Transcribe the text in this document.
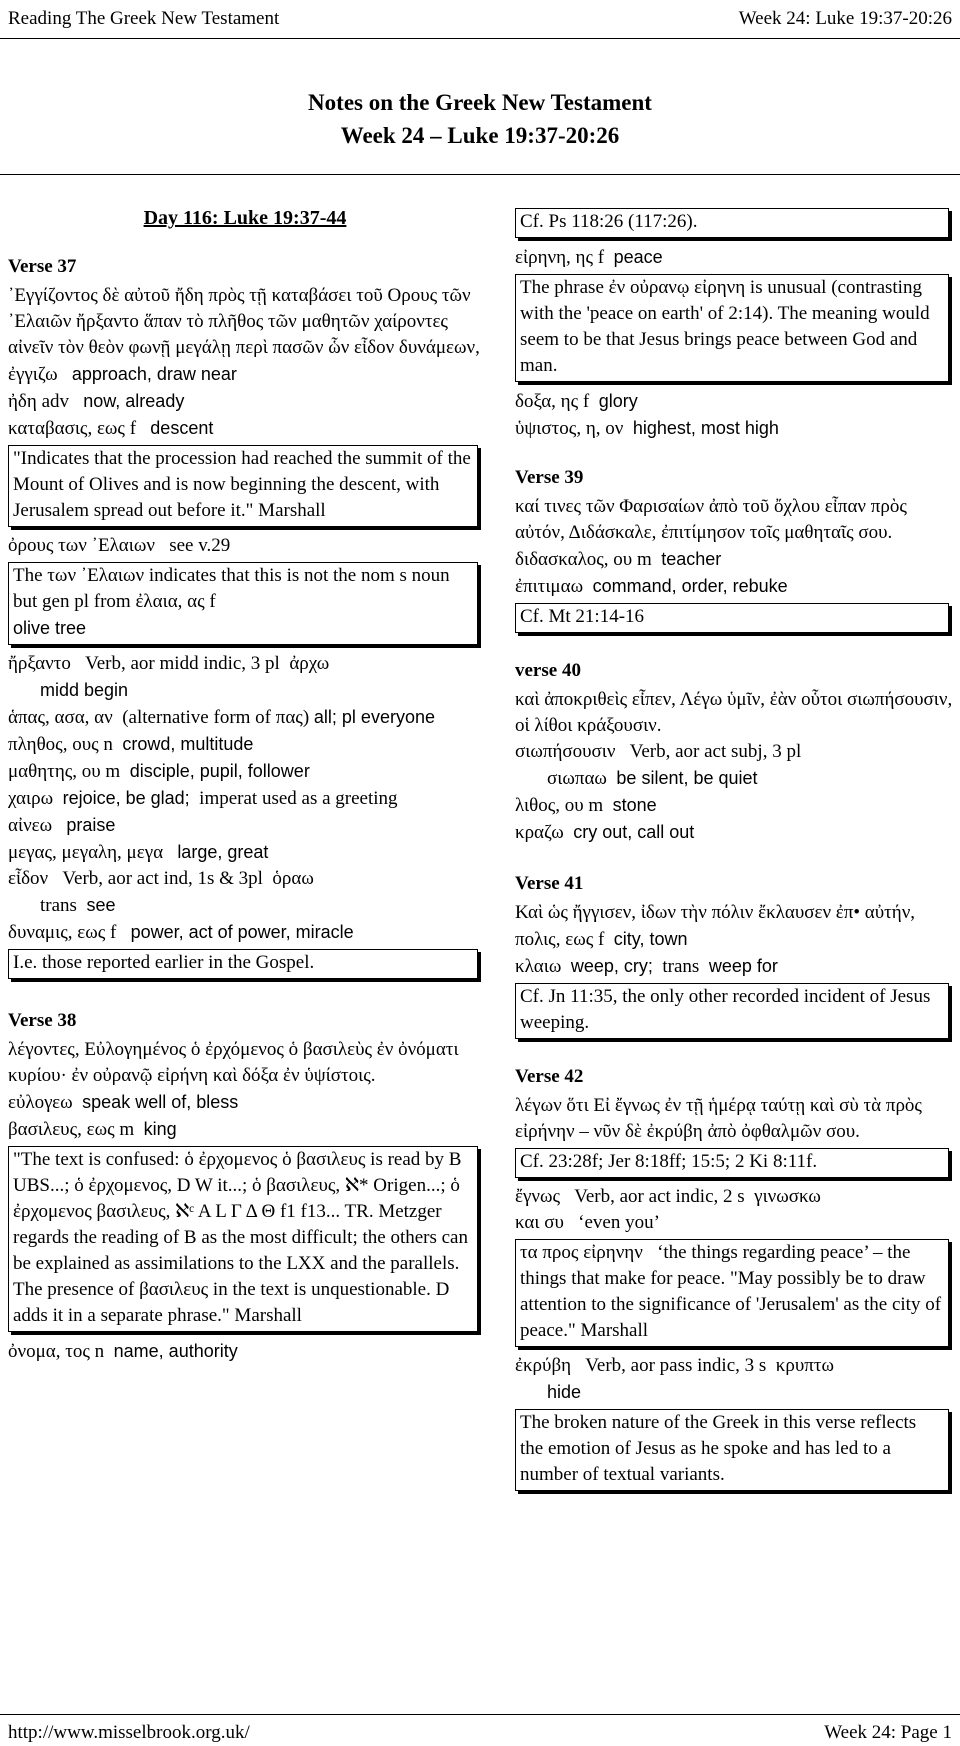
Reading The Greek New Testament	Week 24: Luke 19:37-20:26
Notes on the Greek New Testament
Week 24 – Luke 19:37-20:26
Day 116: Luke 19:37-44
Verse 37

᾿Εγγίζοντος δὲ αὐτοῦ ἤδη πρὸς τῇ καταβάσει τοῦ Ορους τῶν ᾿Ελαιῶν ἤρξαντο ἅπαν τὸ πλῆθος τῶν μαθητῶν χαίροντες αἰνεῖν τὸν θεὸν φωνῇ μεγάλῃ περὶ πασῶν ὧν εἶδον δυνάμεων,

ἐγγιζω approach, draw near
ἠδη adv now, already
καταβασις, εως f descent
"Indicates that the procession had reached the summit of the Mount of Olives and is now beginning the descent, with Jerusalem spread out before it." Marshall
ὀρους των ᾿Ελαιων see v.29
The των ᾿Ελαιων indicates that this is not the nom s noun but gen pl from ἐλαια, ας f
olive tree
ἤρξαντο Verb, aor midd indic, 3 pl ἀρχω
midd begin
ἁπας, ασα, αν (alternative form of πας) all; pl everyone
πληθος, ους n crowd, multitude
μαθητης, ου m disciple, pupil, follower
χαιρω rejoice, be glad; imperat used as a greeting
αἰνεω praise
μεγας, μεγαλη, μεγα large, great
εἶδον Verb, aor act ind, 1s & 3pl ὁραω
trans see
δυναμις, εως f power, act of power, miracle
I.e. those reported earlier in the Gospel.
Verse 38

λέγοντες, Εὐλογημένος ὁ ἐρχόμενος ὁ βασιλεὺς ἐν ὀνόματι κυρίου· ἐν οὐρανῷ εἰρήνη καὶ δόξα ἐν ὑψίστοις.

εὐλογεω speak well of, bless
βασιλευς, εως m king
"The text is confused: ὁ ἐρχομενος ὁ βασιλευς is read by B UBS...; ὁ ἐρχομενος, D W it...; ὁ βασιλευς, ℵ* Origen...; ὁ ἐρχομενος βασιλευς, ℵᶜ A L Γ Δ Θ f1 f13... TR. Metzger regards the reading of B as the most difficult; the others can be explained as assimilations to the LXX and the parallels. The presence of βασιλευς in the text is unquestionable. D adds it in a separate phrase." Marshall
ὀνομα, τος n name, authority
Cf. Ps 118:26 (117:26).
εἰρηνη, ης f peace
The phrase ἐν οὐρανῳ εἰρηνη is unusual (contrasting with the 'peace on earth' of 2:14). The meaning would seem to be that Jesus brings peace between God and man.
δοξα, ης f glory
ὑψιστος, η, ον highest, most high
Verse 39

καί τινες τῶν Φαρισαίων ἀπὸ τοῦ ὄχλου εἶπαν πρὸς αὐτόν, Διδάσκαλε, ἐπιτίμησον τοῖς μαθηταῖς σου.

διδασκαλος, ου m teacher
ἐπιτιμαω command, order, rebuke
Cf. Mt 21:14-16
verse 40

καὶ ἀποκριθεὶς εἶπεν, Λέγω ὑμῖν, ἐὰν οὗτοι σιωπήσουσιν, οἱ λίθοι κράξουσιν.

σιωπήσουσιν Verb, aor act subj, 3 pl
σιωπαω be silent, be quiet
λιθος, ου m stone
κραζω cry out, call out
Verse 41

Καὶ ὡς ἤγγισεν, ἰδων τὴν πόλιν ἔκλαυσεν ἐπ• αὐτήν,

πολις, εως f city, town
κλαιω weep, cry; trans weep for
Cf. Jn 11:35, the only other recorded incident of Jesus weeping.
Verse 42

λέγων ὅτι Εἰ ἔγνως ἐν τῇ ἡμέρᾳ ταύτῃ καὶ σὺ τὰ πρὸς εἰρήνην – νῦν δὲ ἐκρύβη ἀπὸ ὀφθαλμῶν σου.

Cf. 23:28f; Jer 8:18ff; 15:5; 2 Ki 8:11f.
ἔγνως Verb, aor act indic, 2 s γινωσκω
και συ ‘even you’
τα προς εἰρηνην ‘the things regarding peace’ – the things that make for peace. "May possibly be to draw attention to the significance of 'Jerusalem' as the city of peace." Marshall
ἐκρύβη Verb, aor pass indic, 3 s κρυπτω
hide
The broken nature of the Greek in this verse reflects the emotion of Jesus as he spoke and has led to a number of textual variants.
http://www.misselbrook.org.uk/	Week 24: Page 1
